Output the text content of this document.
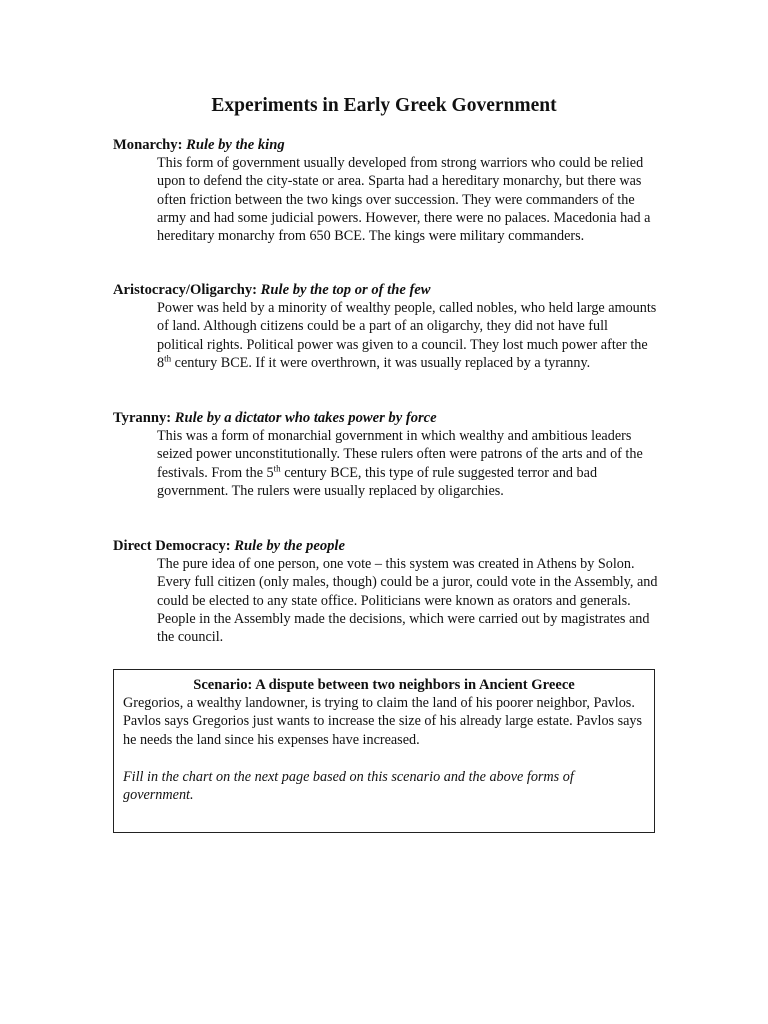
Experiments in Early Greek Government
Monarchy: Rule by the king
This form of government usually developed from strong warriors who could be relied upon to defend the city-state or area. Sparta had a hereditary monarchy, but there was often friction between the two kings over succession. They were commanders of the army and had some judicial powers. However, there were no palaces. Macedonia had a hereditary monarchy from 650 BCE. The kings were military commanders.
Aristocracy/Oligarchy: Rule by the top or of the few
Power was held by a minority of wealthy people, called nobles, who held large amounts of land. Although citizens could be a part of an oligarchy, they did not have full political rights. Political power was given to a council. They lost much power after the 8th century BCE. If it were overthrown, it was usually replaced by a tyranny.
Tyranny: Rule by a dictator who takes power by force
This was a form of monarchial government in which wealthy and ambitious leaders seized power unconstitutionally. These rulers often were patrons of the arts and of the festivals. From the 5th century BCE, this type of rule suggested terror and bad government. The rulers were usually replaced by oligarchies.
Direct Democracy: Rule by the people
The pure idea of one person, one vote – this system was created in Athens by Solon. Every full citizen (only males, though) could be a juror, could vote in the Assembly, and could be elected to any state office. Politicians were known as orators and generals. People in the Assembly made the decisions, which were carried out by magistrates and the council.
Scenario: A dispute between two neighbors in Ancient Greece
Gregorios, a wealthy landowner, is trying to claim the land of his poorer neighbor, Pavlos. Pavlos says Gregorios just wants to increase the size of his already large estate. Pavlos says he needs the land since his expenses have increased.
Fill in the chart on the next page based on this scenario and the above forms of government.
